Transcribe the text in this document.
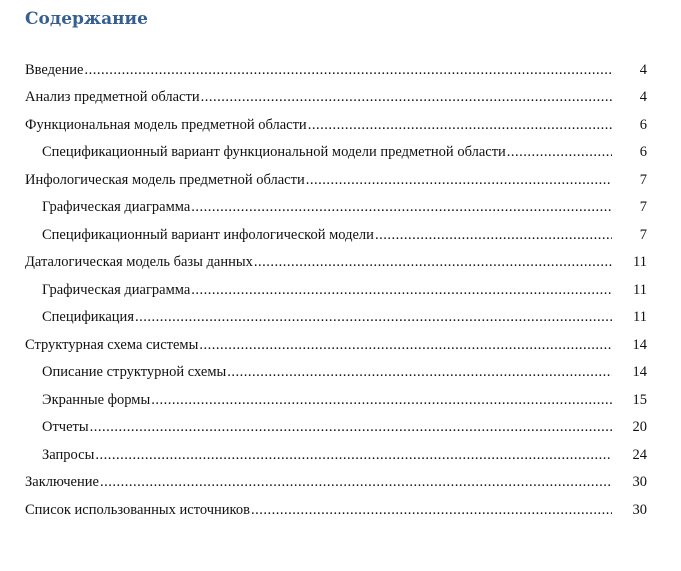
Содержание
Введение .....	4
Анализ предметной области .....	4
Функциональная модель предметной области .....	6
Спецификационный вариант функциональной модели предметной области .....	6
Инфологическая модель предметной области .....	7
Графическая диаграмма .....	7
Спецификационный вариант инфологической модели .....	7
Даталогическая модель базы данных .....	11
Графическая диаграмма .....	11
Спецификация .....	11
Структурная схема системы .....	14
Описание структурной схемы .....	14
Экранные формы .....	15
Отчеты .....	20
Запросы .....	24
Заключение .....	30
Список использованных источников .....	30
